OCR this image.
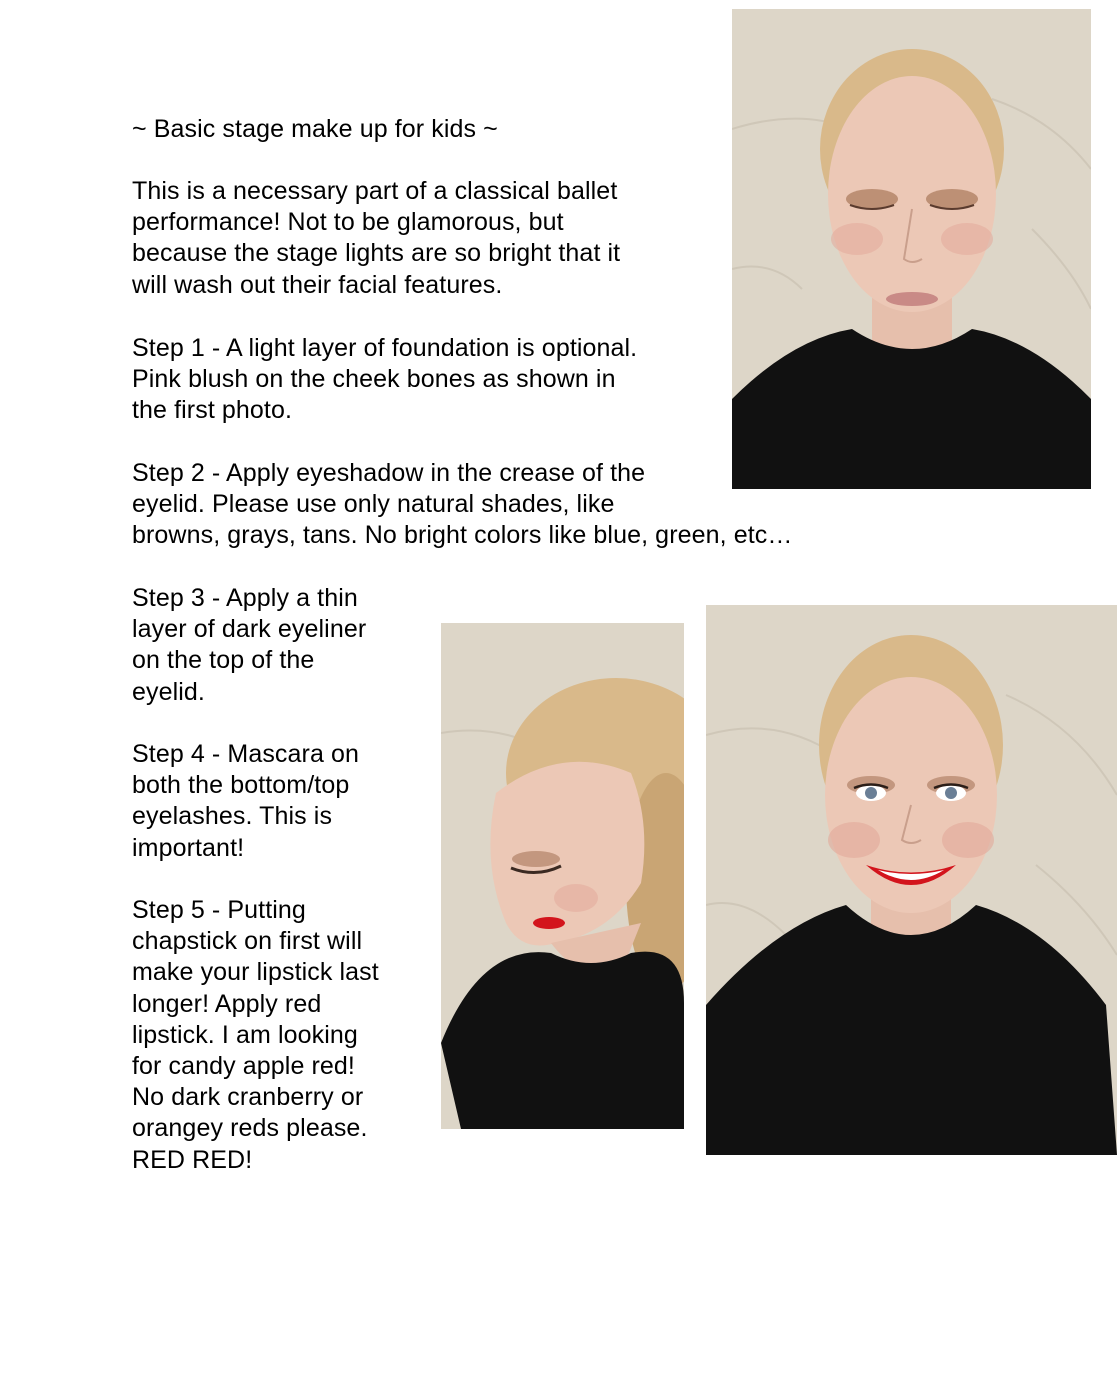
~ Basic stage make up for kids ~

This is a necessary part of a classical ballet
performance! Not to be glamorous, but
because the stage lights are so bright that it
will wash out their facial features.

Step 1 - A light layer of foundation is optional.
Pink blush on the cheek bones as shown in
the first photo.

Step 2 - Apply eyeshadow in the crease of the
eyelid. Please use only natural shades, like
browns, grays, tans. No bright colors like blue, green, etc…

Step 3 - Apply a thin
layer of dark eyeliner
on the top of the
eyelid.

Step 4 - Mascara on
both the bottom/top
eyelashes. This is
important!

Step 5 - Putting
chapstick on first will
make your lipstick last
longer! Apply red
lipstick. I am looking
for candy apple red!
No dark cranberry or
orangey reds please.
RED RED!
